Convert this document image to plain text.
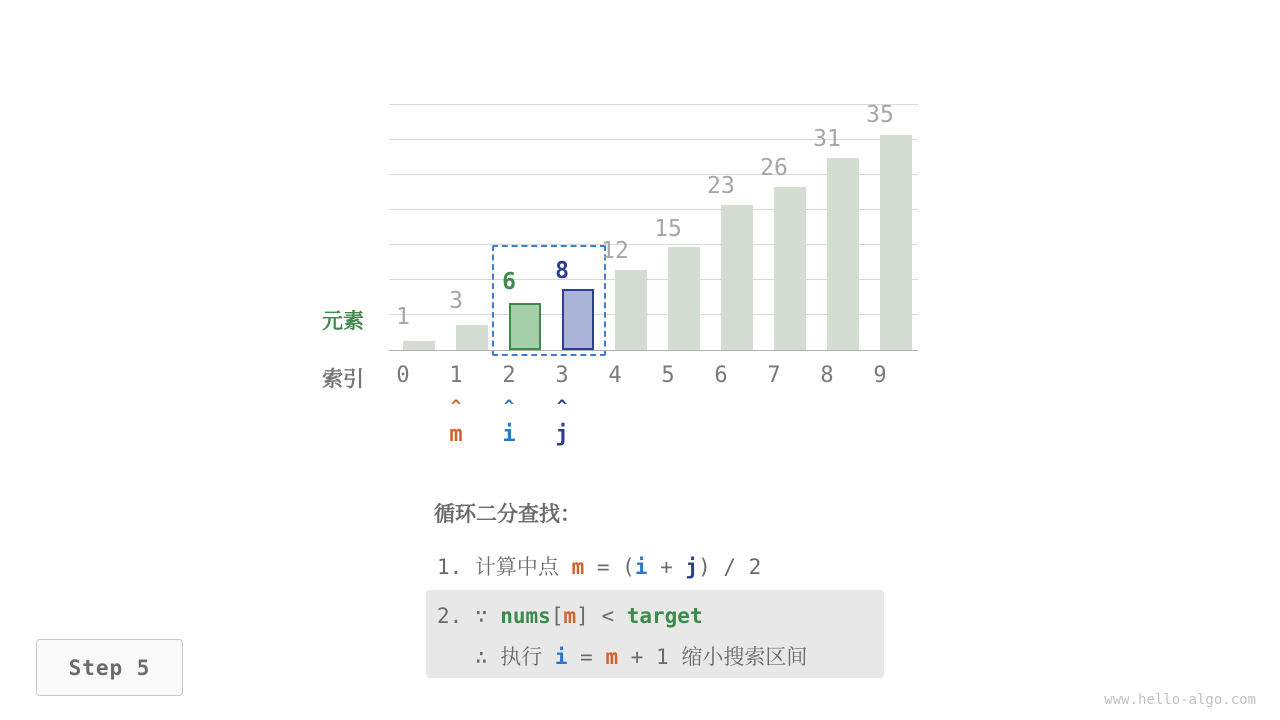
1
3
6	8
12
15
23
26
31
35
元素
索引	0	1	2	3	4	5	6	7	8	9
^	^	^
m	i	j
循环二分查找：
1. 计算中点 m = (i + j) / 2
2. ∵ nums[m] < target
∴ 执行 i = m + 1 缩小搜索区间
Step 5
www.hello-algo.com
